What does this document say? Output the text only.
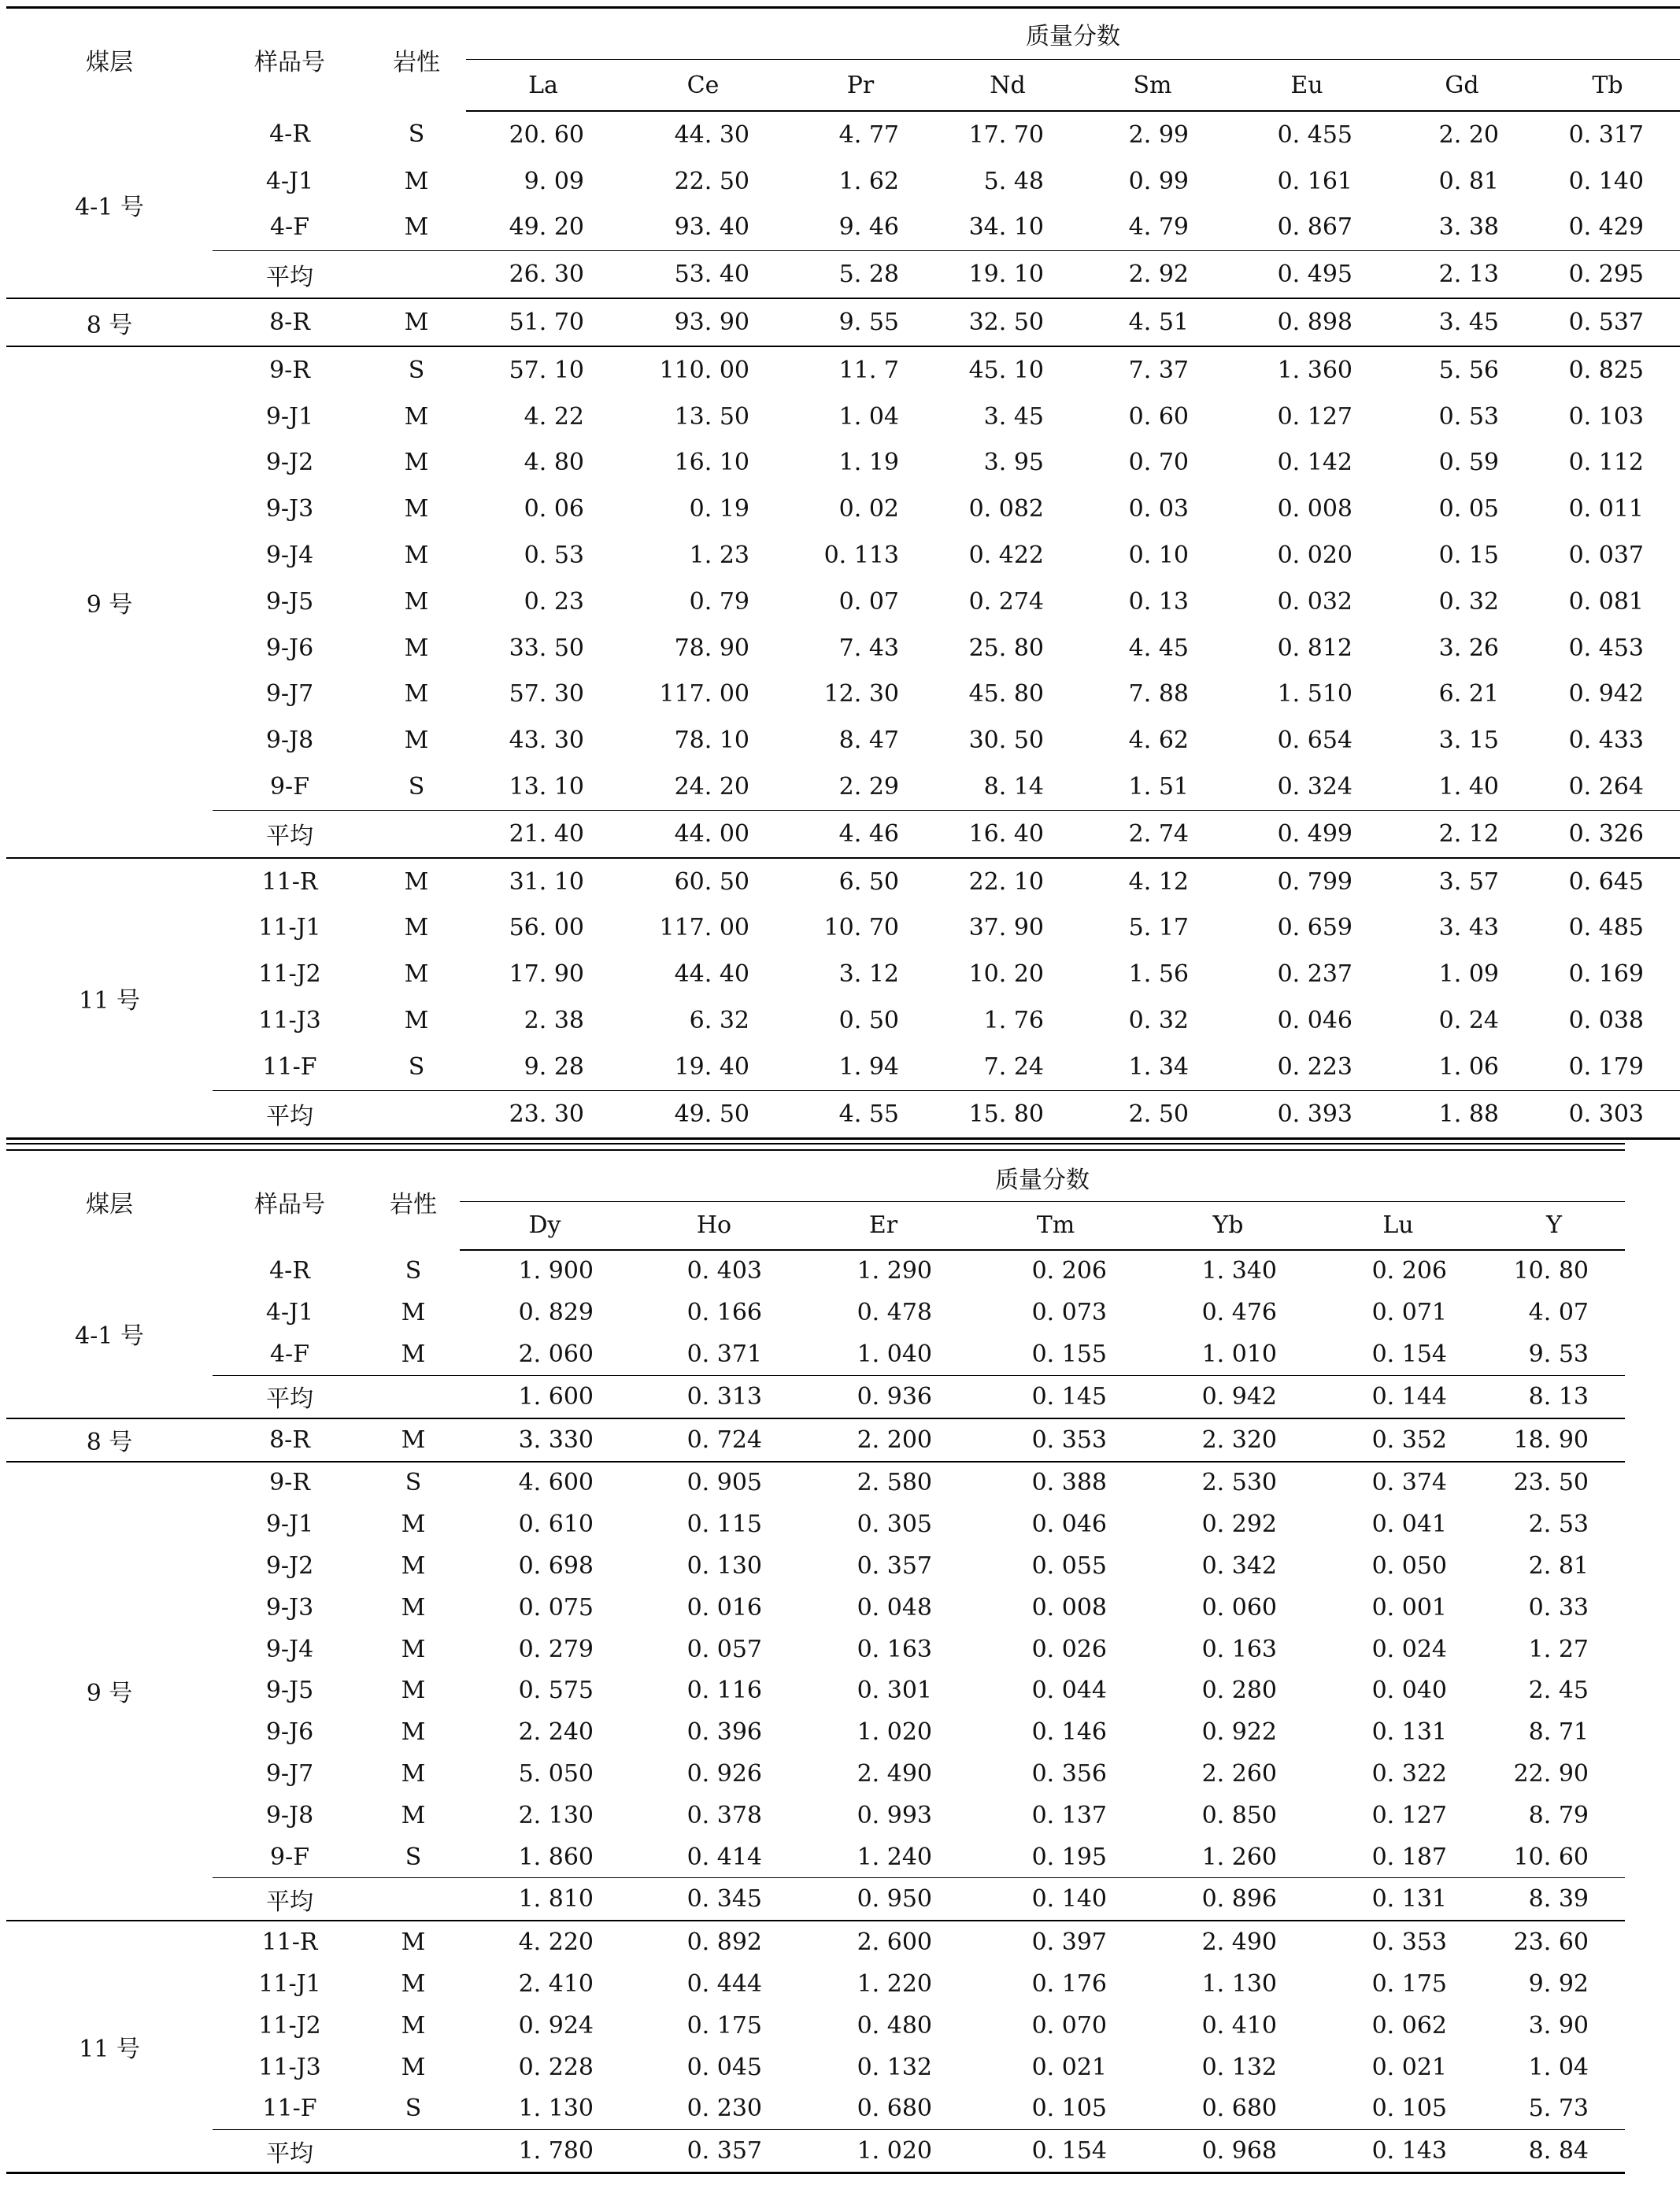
煤层	样品号	岩性	质量分数							
			La	Ce	Pr	Nd	Sm	Eu	Gd	Tb
4-1 号	4-R	S	20. 60	44. 30	4. 77	17. 70	2. 99	0. 455	2. 20	0. 317
	4-J1	M	9. 09	22. 50	1. 62	5. 48	0. 99	0. 161	0. 81	0. 140
	4-F	M	49. 20	93. 40	9. 46	34. 10	4. 79	0. 867	3. 38	0. 429
	平均		26. 30	53. 40	5. 28	19. 10	2. 92	0. 495	2. 13	0. 295
8 号	8-R	M	51. 70	93. 90	9. 55	32. 50	4. 51	0. 898	3. 45	0. 537
9 号	9-R	S	57. 10	110. 00	11. 7	45. 10	7. 37	1. 360	5. 56	0. 825
	9-J1	M	4. 22	13. 50	1. 04	3. 45	0. 60	0. 127	0. 53	0. 103
	9-J2	M	4. 80	16. 10	1. 19	3. 95	0. 70	0. 142	0. 59	0. 112
	9-J3	M	0. 06	0. 19	0. 02	0. 082	0. 03	0. 008	0. 05	0. 011
	9-J4	M	0. 53	1. 23	0. 113	0. 422	0. 10	0. 020	0. 15	0. 037
	9-J5	M	0. 23	0. 79	0. 07	0. 274	0. 13	0. 032	0. 32	0. 081
	9-J6	M	33. 50	78. 90	7. 43	25. 80	4. 45	0. 812	3. 26	0. 453
	9-J7	M	57. 30	117. 00	12. 30	45. 80	7. 88	1. 510	6. 21	0. 942
	9-J8	M	43. 30	78. 10	8. 47	30. 50	4. 62	0. 654	3. 15	0. 433
	9-F	S	13. 10	24. 20	2. 29	8. 14	1. 51	0. 324	1. 40	0. 264
	平均		21. 40	44. 00	4. 46	16. 40	2. 74	0. 499	2. 12	0. 326
11 号	11-R	M	31. 10	60. 50	6. 50	22. 10	4. 12	0. 799	3. 57	0. 645
	11-J1	M	56. 00	117. 00	10. 70	37. 90	5. 17	0. 659	3. 43	0. 485
	11-J2	M	17. 90	44. 40	3. 12	10. 20	1. 56	0. 237	1. 09	0. 169
	11-J3	M	2. 38	6. 32	0. 50	1. 76	0. 32	0. 046	0. 24	0. 038
	11-F	S	9. 28	19. 40	1. 94	7. 24	1. 34	0. 223	1. 06	0. 179
	平均		23. 30	49. 50	4. 55	15. 80	2. 50	0. 393	1. 88	0. 303
煤层	样品号	岩性	质量分数						
			Dy	Ho	Er	Tm	Yb	Lu	Y
4-1 号	4-R	S	1. 900	0. 403	1. 290	0. 206	1. 340	0. 206	10. 80
	4-J1	M	0. 829	0. 166	0. 478	0. 073	0. 476	0. 071	4. 07
	4-F	M	2. 060	0. 371	1. 040	0. 155	1. 010	0. 154	9. 53
	平均		1. 600	0. 313	0. 936	0. 145	0. 942	0. 144	8. 13
8 号	8-R	M	3. 330	0. 724	2. 200	0. 353	2. 320	0. 352	18. 90
9 号	9-R	S	4. 600	0. 905	2. 580	0. 388	2. 530	0. 374	23. 50
	9-J1	M	0. 610	0. 115	0. 305	0. 046	0. 292	0. 041	2. 53
	9-J2	M	0. 698	0. 130	0. 357	0. 055	0. 342	0. 050	2. 81
	9-J3	M	0. 075	0. 016	0. 048	0. 008	0. 060	0. 001	0. 33
	9-J4	M	0. 279	0. 057	0. 163	0. 026	0. 163	0. 024	1. 27
	9-J5	M	0. 575	0. 116	0. 301	0. 044	0. 280	0. 040	2. 45
	9-J6	M	2. 240	0. 396	1. 020	0. 146	0. 922	0. 131	8. 71
	9-J7	M	5. 050	0. 926	2. 490	0. 356	2. 260	0. 322	22. 90
	9-J8	M	2. 130	0. 378	0. 993	0. 137	0. 850	0. 127	8. 79
	9-F	S	1. 860	0. 414	1. 240	0. 195	1. 260	0. 187	10. 60
	平均		1. 810	0. 345	0. 950	0. 140	0. 896	0. 131	8. 39
11 号	11-R	M	4. 220	0. 892	2. 600	0. 397	2. 490	0. 353	23. 60
	11-J1	M	2. 410	0. 444	1. 220	0. 176	1. 130	0. 175	9. 92
	11-J2	M	0. 924	0. 175	0. 480	0. 070	0. 410	0. 062	3. 90
	11-J3	M	0. 228	0. 045	0. 132	0. 021	0. 132	0. 021	1. 04
	11-F	S	1. 130	0. 230	0. 680	0. 105	0. 680	0. 105	5. 73
	平均		1. 780	0. 357	1. 020	0. 154	0. 968	0. 143	8. 84
